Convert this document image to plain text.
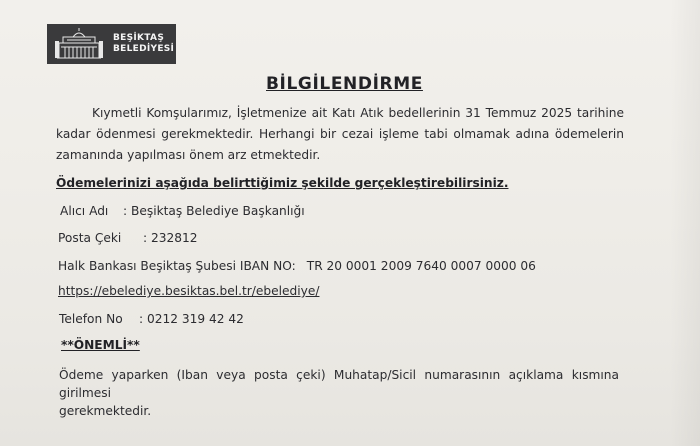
BEŞİKTAŞ
BELEDİYESİ
BİLGİLENDİRME
Kıymetli Komşularımız, İşletmenize ait Katı Atık bedellerinin 31 Temmuz 2025 tarihine kadar ödenmesi gerekmektedir. Herhangi bir cezai işleme tabi olmamak adına ödemelerin zamanında yapılması önem arz etmektedir.
Ödemelerinizi aşağıda belirttiğimiz şekilde gerçekleştirebilirsiniz.
Alıcı Adı : Beşiktaş Belediye Başkanlığı
Posta Çeki : 232812
Halk Bankası Beşiktaş Şubesi IBAN NO: TR 20 0001 2009 7640 0007 0000 06
https://ebelediye.besiktas.bel.tr/ebelediye/
Telefon No : 0212 319 42 42
**ÖNEMLİ**
Ödeme yaparken (Iban veya posta çeki) Muhatap/Sicil numarasının açıklama kısmına girilmesi
gerekmektedir.
